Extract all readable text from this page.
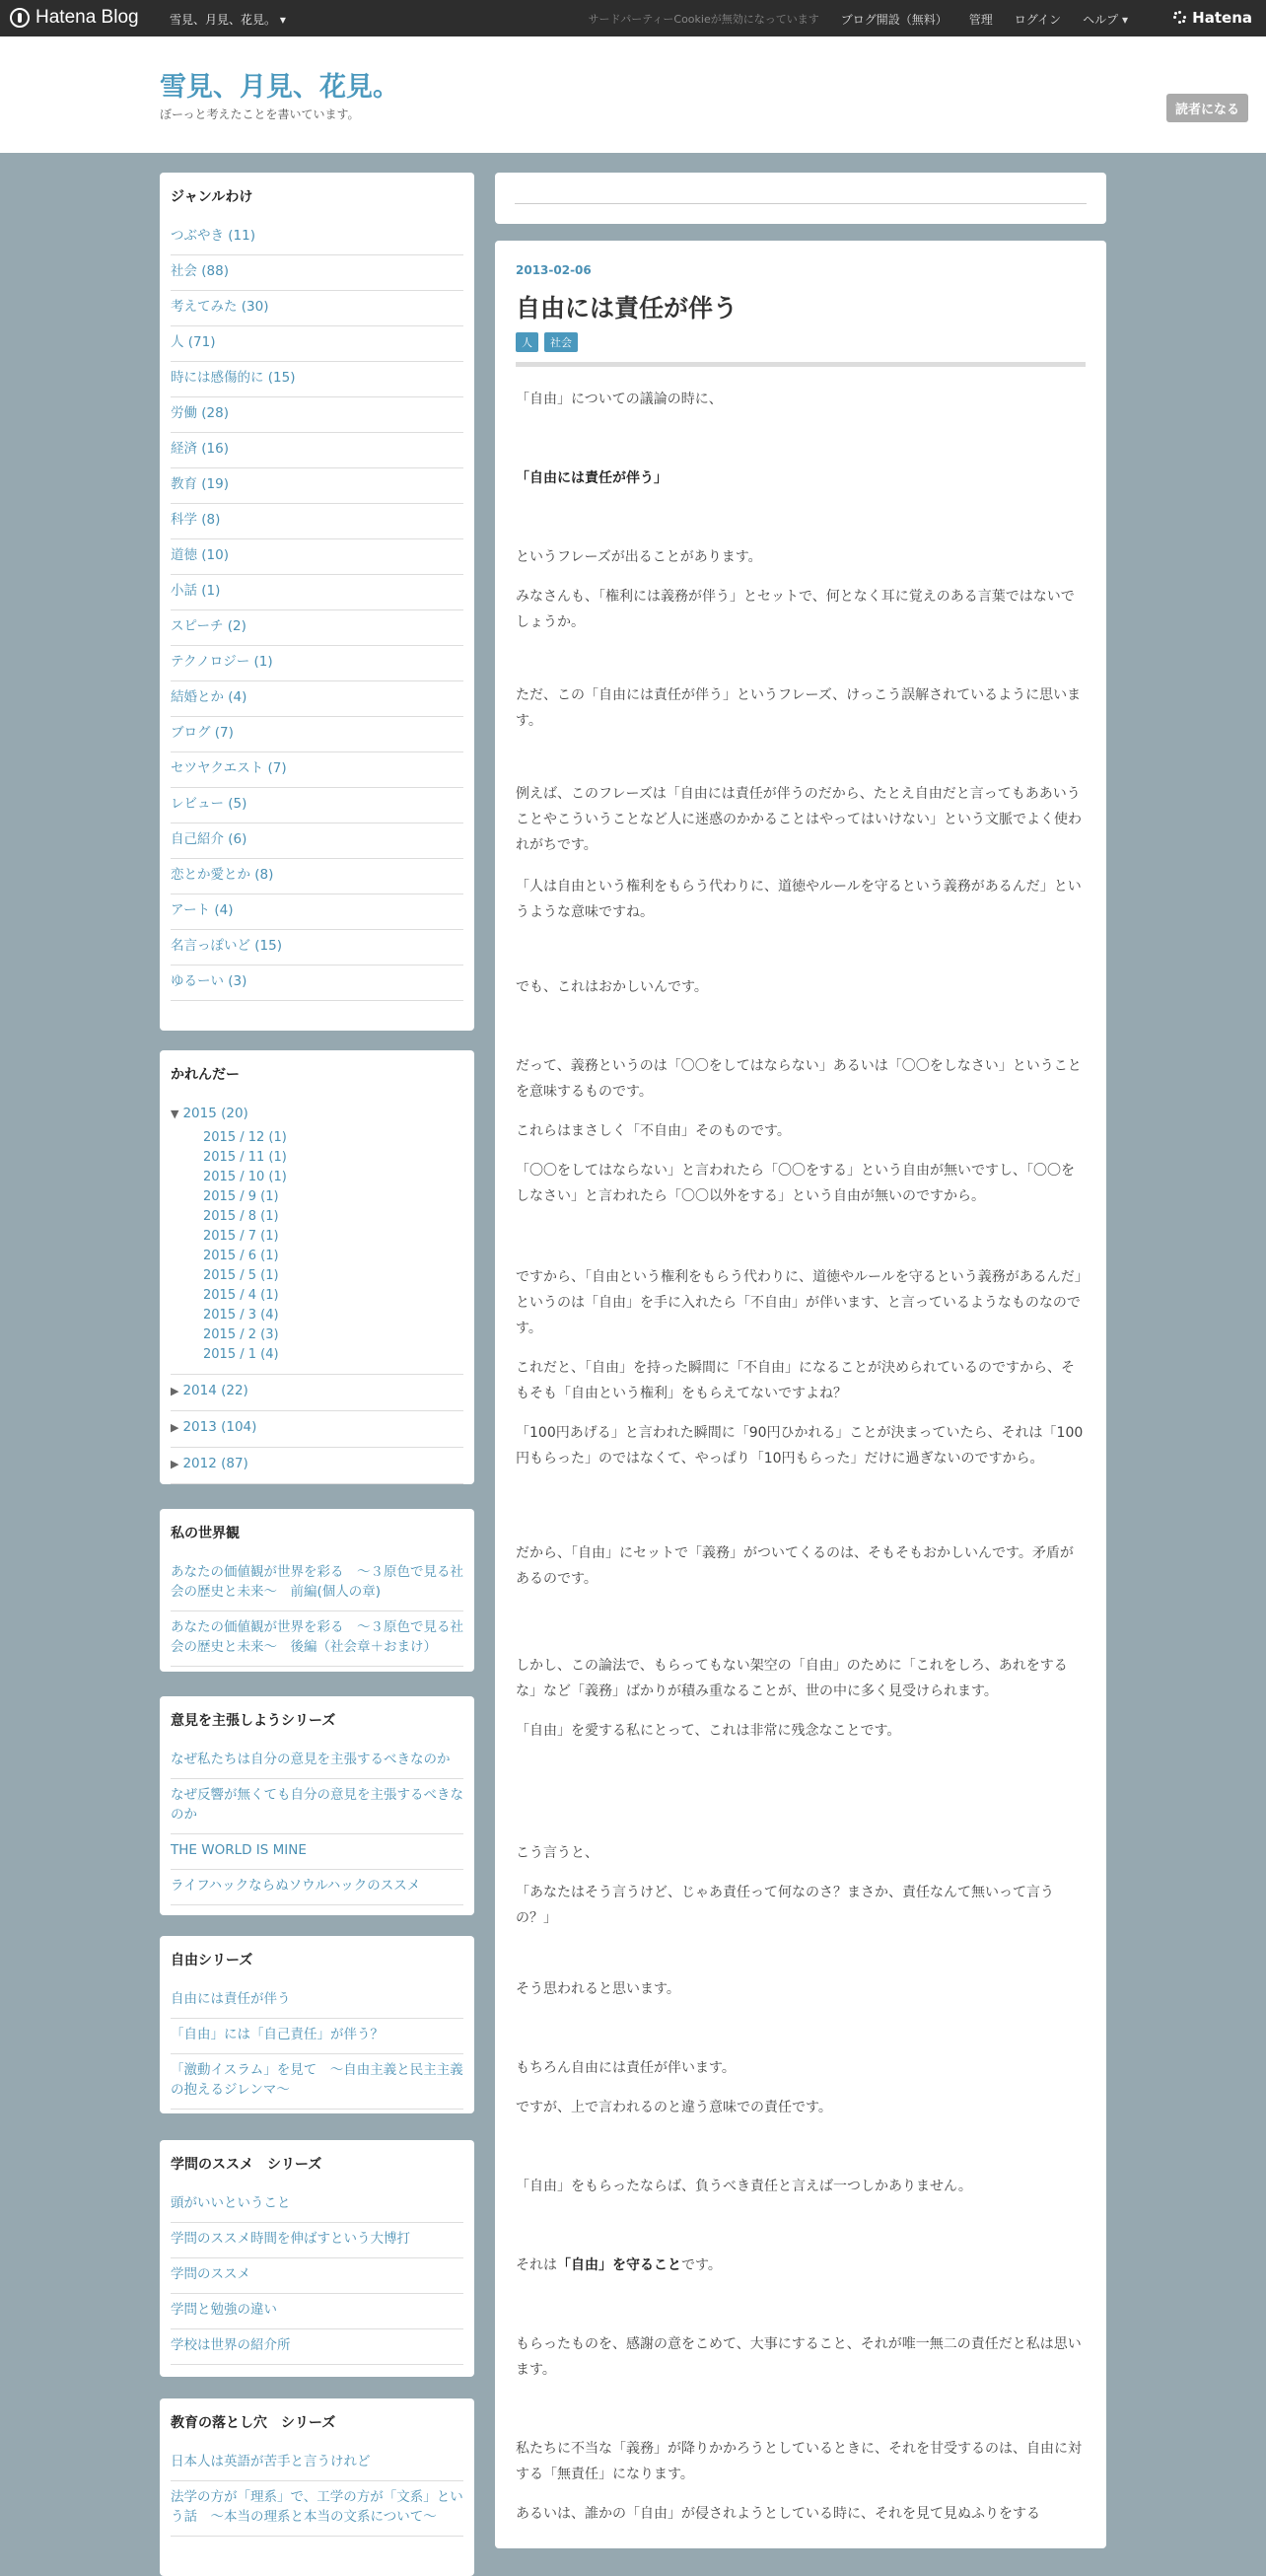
Hatena Blog	雪見、月見、花見。 ▾	サードパーティーCookieが無効になっています ブログ開設（無料） 管理 ログイン ヘルプ ▾	Hatena
読者になる
雪見、月見、花見。
ぼーっと考えたことを書いています。
ジャンルわけ
つぶやき (11)
社会 (88)
考えてみた (30)
人 (71)
時には感傷的に (15)
労働 (28)
経済 (16)
教育 (19)
科学 (8)
道徳 (10)
小話 (1)
スピーチ (2)
テクノロジー (1)
結婚とか (4)
ブログ (7)
セツヤクエスト (7)
レビュー (5)
自己紹介 (6)
恋とか愛とか (8)
アート (4)
名言っぽいど (15)
ゆるーい (3)
かれんだー
▼ 2015 (20)
2015 / 12 (1)
2015 / 11 (1)
2015 / 10 (1)
2015 / 9 (1)
2015 / 8 (1)
2015 / 7 (1)
2015 / 6 (1)
2015 / 5 (1)
2015 / 4 (1)
2015 / 3 (4)
2015 / 2 (3)
2015 / 1 (4)
▶ 2014 (22)
▶ 2013 (104)
▶ 2012 (87)
私の世界観
あなたの価値観が世界を彩る　～３原色で見る社会の歴史と未来～　前編(個人の章)
あなたの価値観が世界を彩る　～３原色で見る社会の歴史と未来～　後編（社会章＋おまけ）
意見を主張しようシリーズ
なぜ私たちは自分の意見を主張するべきなのか
なぜ反響が無くても自分の意見を主張するべきなのか
THE WORLD IS MINE
ライフハックならぬソウルハックのススメ
自由シリーズ
自由には責任が伴う
「自由」には「自己責任」が伴う？
「激動イスラム」を見て　～自由主義と民主主義の抱えるジレンマ～
学問のススメ　シリーズ
頭がいいということ
学問のススメ時間を伸ばすという大博打
学問のススメ
学問と勉強の違い
学校は世界の紹介所
教育の落とし穴　シリーズ
日本人は英語が苦手と言うけれど
法学の方が「理系」で、工学の方が「文系」という話　～本当の理系と本当の文系について～
2013-02-06
自由には責任が伴う
人	社会

「自由」についての議論の時に、

「自由には責任が伴う」

というフレーズが出ることがあります。

みなさんも、「権利には義務が伴う」とセットで、何となく耳に覚えのある言葉ではないでしょうか。

ただ、この「自由には責任が伴う」というフレーズ、けっこう誤解されているように思います。

例えば、このフレーズは「自由には責任が伴うのだから、たとえ自由だと言ってもああいうことやこういうことなど人に迷惑のかかることはやってはいけない」という文脈でよく使われがちです。

「人は自由という権利をもらう代わりに、道徳やルールを守るという義務があるんだ」というような意味ですね。

でも、これはおかしいんです。

だって、義務というのは「〇〇をしてはならない」あるいは「〇〇をしなさい」ということを意味するものです。

これらはまさしく「不自由」そのものです。

「〇〇をしてはならない」と言われたら「〇〇をする」という自由が無いですし、「〇〇をしなさい」と言われたら「〇〇以外をする」という自由が無いのですから。

ですから、「自由という権利をもらう代わりに、道徳やルールを守るという義務があるんだ」というのは「自由」を手に入れたら「不自由」が伴います、と言っているようなものなのです。

これだと、「自由」を持った瞬間に「不自由」になることが決められているのですから、そもそも「自由という権利」をもらえてないですよね？

「100円あげる」と言われた瞬間に「90円ひかれる」ことが決まっていたら、それは「100円もらった」のではなくて、やっぱり「10円もらった」だけに過ぎないのですから。

だから、「自由」にセットで「義務」がついてくるのは、そもそもおかしいんです。矛盾があるのです。

しかし、この論法で、もらってもない架空の「自由」のために「これをしろ、あれをするな」など「義務」ばかりが積み重なることが、世の中に多く見受けられます。

「自由」を愛する私にとって、これは非常に残念なことです。

こう言うと、

「あなたはそう言うけど、じゃあ責任って何なのさ？まさか、責任なんて無いって言うの？」

そう思われると思います。

もちろん自由には責任が伴います。

ですが、上で言われるのと違う意味での責任です。

「自由」をもらったならば、負うべき責任と言えば一つしかありません。

それは「自由」を守ることです。

もらったものを、感謝の意をこめて、大事にすること、それが唯一無二の責任だと私は思います。

私たちに不当な「義務」が降りかかろうとしているときに、それを甘受するのは、自由に対する「無責任」になります。

あるいは、誰かの「自由」が侵されようとしている時に、それを見て見ぬふりをする
